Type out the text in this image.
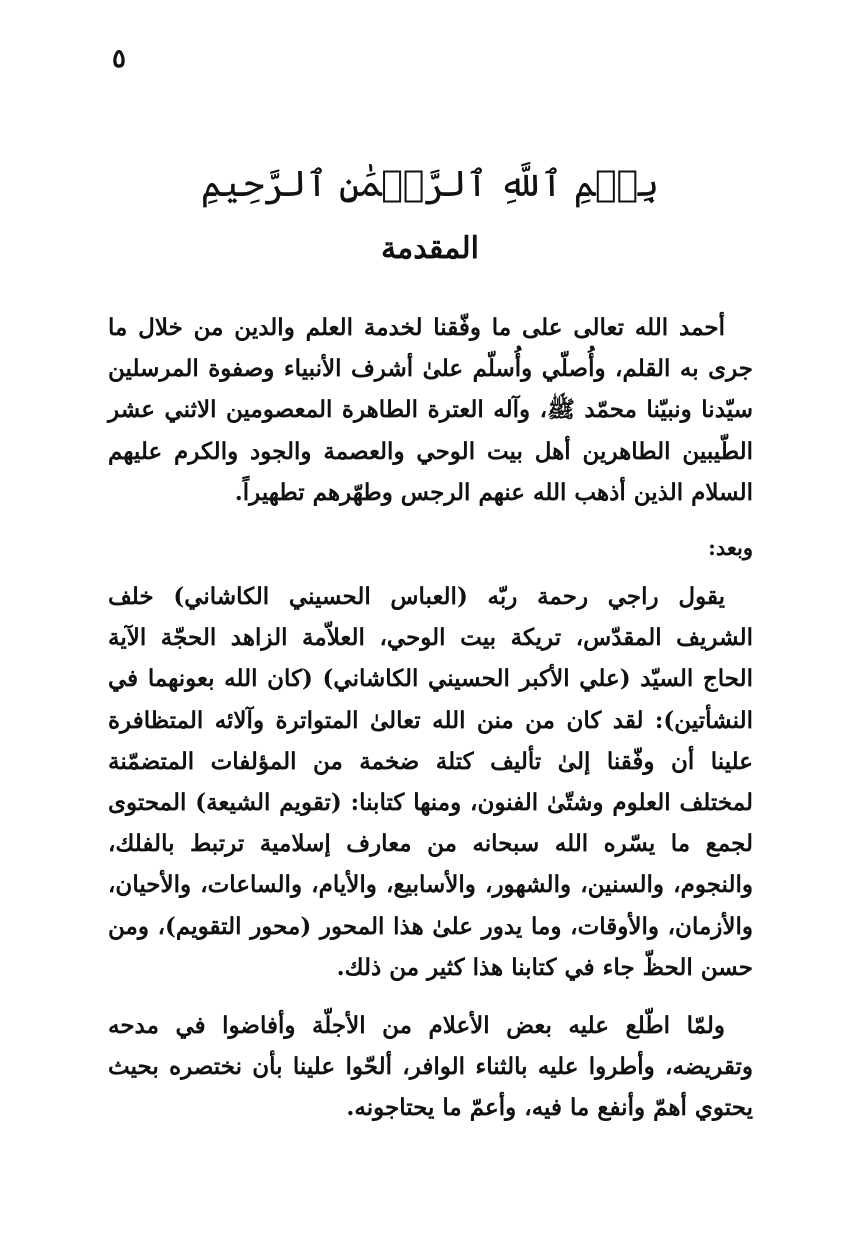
٥
بِسۡمِ ٱللَّهِ ٱلرَّحۡمَٰنِ ٱلرَّحِيمِ
المقدمة

أحمد الله تعالى على ما وفّقنا لخدمة العلم والدين من خلال ما جرى به القلم، وأُصلّي وأُسلّم علىٰ أشرف الأنبياء وصفوة المرسلين سيّدنا ونبيّنا محمّد ﷺ، وآله العترة الطاهرة المعصومين الاثني عشر الطّيبين الطاهرين أهل بيت الوحي والعصمة والجود والكرم عليهم السلام الذين أذهب الله عنهم الرجس وطهّرهم تطهيراً.

وبعد:

يقول راجي رحمة ربّه (العباس الحسيني الكاشاني) خلف الشريف المقدّس، تريكة بيت الوحي، العلاّمة الزاهد الحجّة الآية الحاج السيّد (علي الأكبر الحسيني الكاشاني) (كان الله بعونهما في النشأتين): لقد كان من منن الله تعالىٰ المتواترة وآلائه المتظافرة علينا أن وفّقنا إلىٰ تأليف كتلة ضخمة من المؤلفات المتضمّنة لمختلف العلوم وشتّىٰ الفنون، ومنها كتابنا: (تقويم الشيعة) المحتوى لجمع ما يسّره الله سبحانه من معارف إسلامية ترتبط بالفلك، والنجوم، والسنين، والشهور، والأسابيع، والأيام، والساعات، والأحيان، والأزمان، والأوقات، وما يدور علىٰ هذا المحور (محور التقويم)، ومن حسن الحظّ جاء في كتابنا هذا كثير من ذلك.

ولمّا اطّلع عليه بعض الأعلام من الأجلّة وأفاضوا في مدحه وتقريضه، وأطروا عليه بالثناء الوافر، ألحّوا علينا بأن نختصره بحيث يحتوي أهمّ وأنفع ما فيه، وأعمّ ما يحتاجونه.
